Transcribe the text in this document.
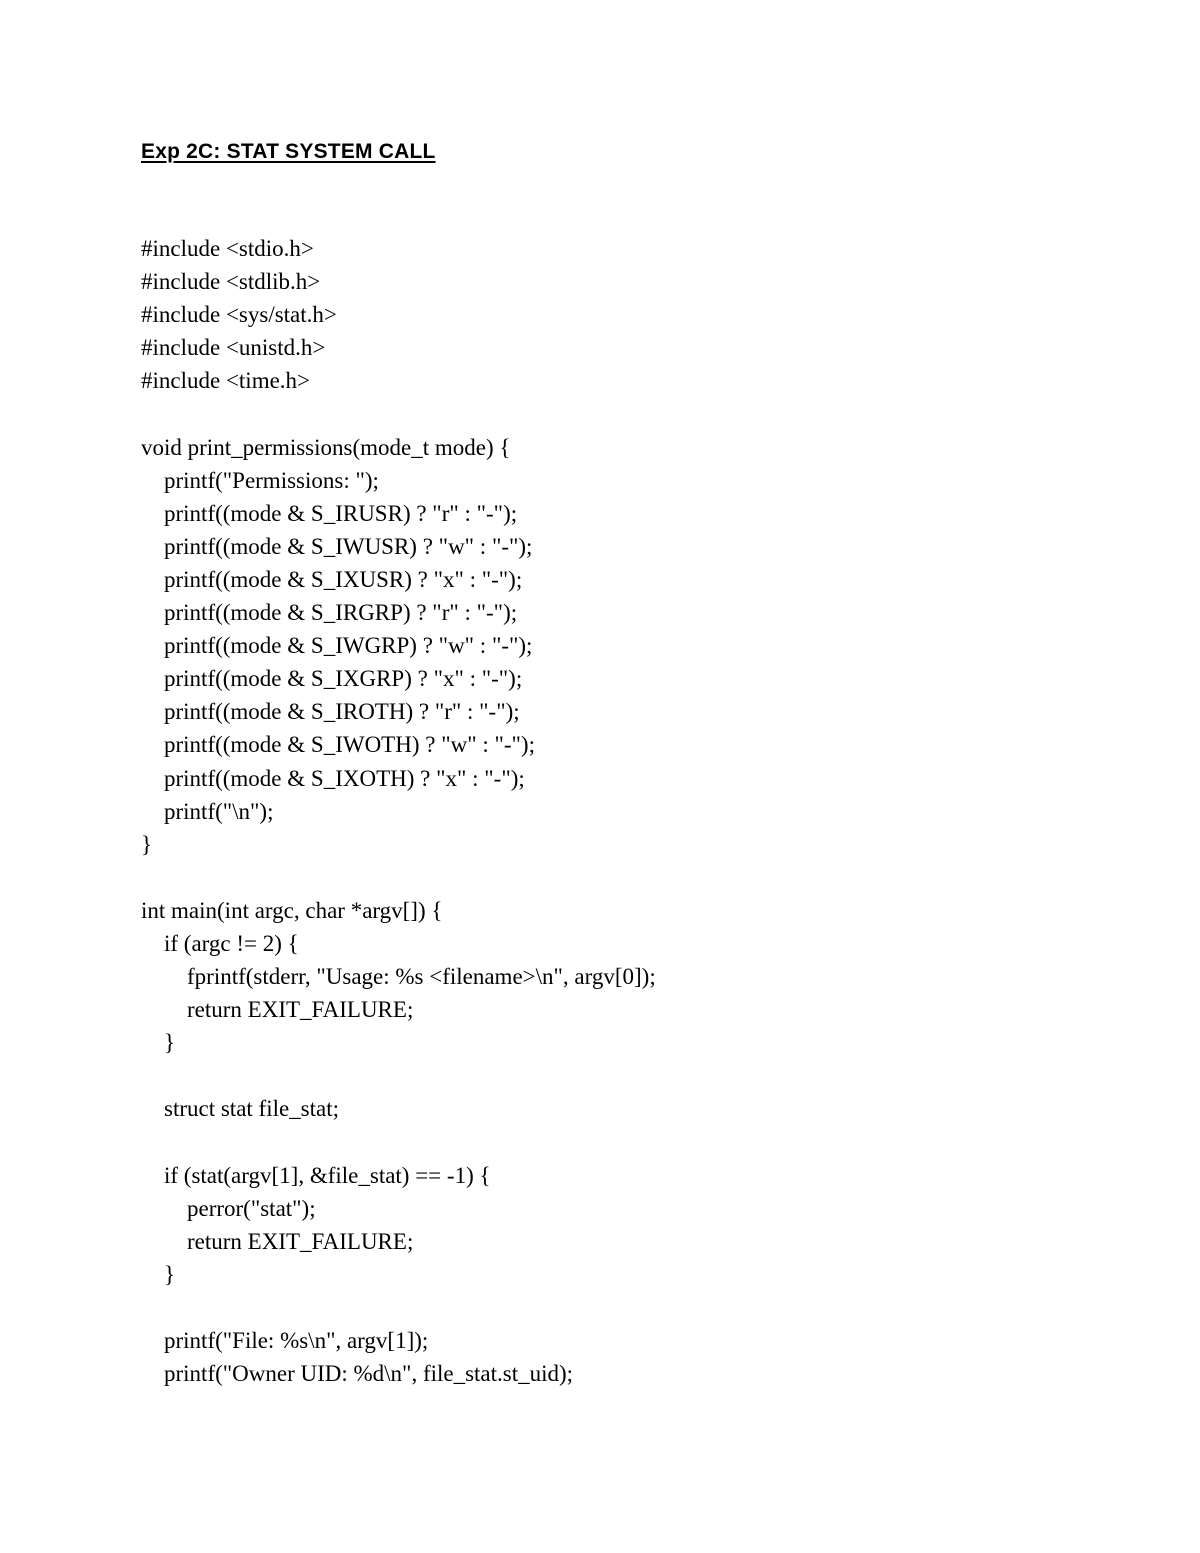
Exp 2C: STAT SYSTEM CALL
#include <stdio.h>
#include <stdlib.h>
#include <sys/stat.h>
#include <unistd.h>
#include <time.h>
void print_permissions(mode_t mode) {
printf("Permissions: ");
printf((mode & S_IRUSR) ? "r" : "-");
printf((mode & S_IWUSR) ? "w" : "-");
printf((mode & S_IXUSR) ? "x" : "-");
printf((mode & S_IRGRP) ? "r" : "-");
printf((mode & S_IWGRP) ? "w" : "-");
printf((mode & S_IXGRP) ? "x" : "-");
printf((mode & S_IROTH) ? "r" : "-");
printf((mode & S_IWOTH) ? "w" : "-");
printf((mode & S_IXOTH) ? "x" : "-");
printf("\n");
}
int main(int argc, char *argv[]) {
if (argc != 2) {
fprintf(stderr, "Usage: %s <filename>\n", argv[0]);
return EXIT_FAILURE;
}
struct stat file_stat;
if (stat(argv[1], &file_stat) == -1) {
perror("stat");
return EXIT_FAILURE;
}
printf("File: %s\n", argv[1]);
printf("Owner UID: %d\n", file_stat.st_uid);
